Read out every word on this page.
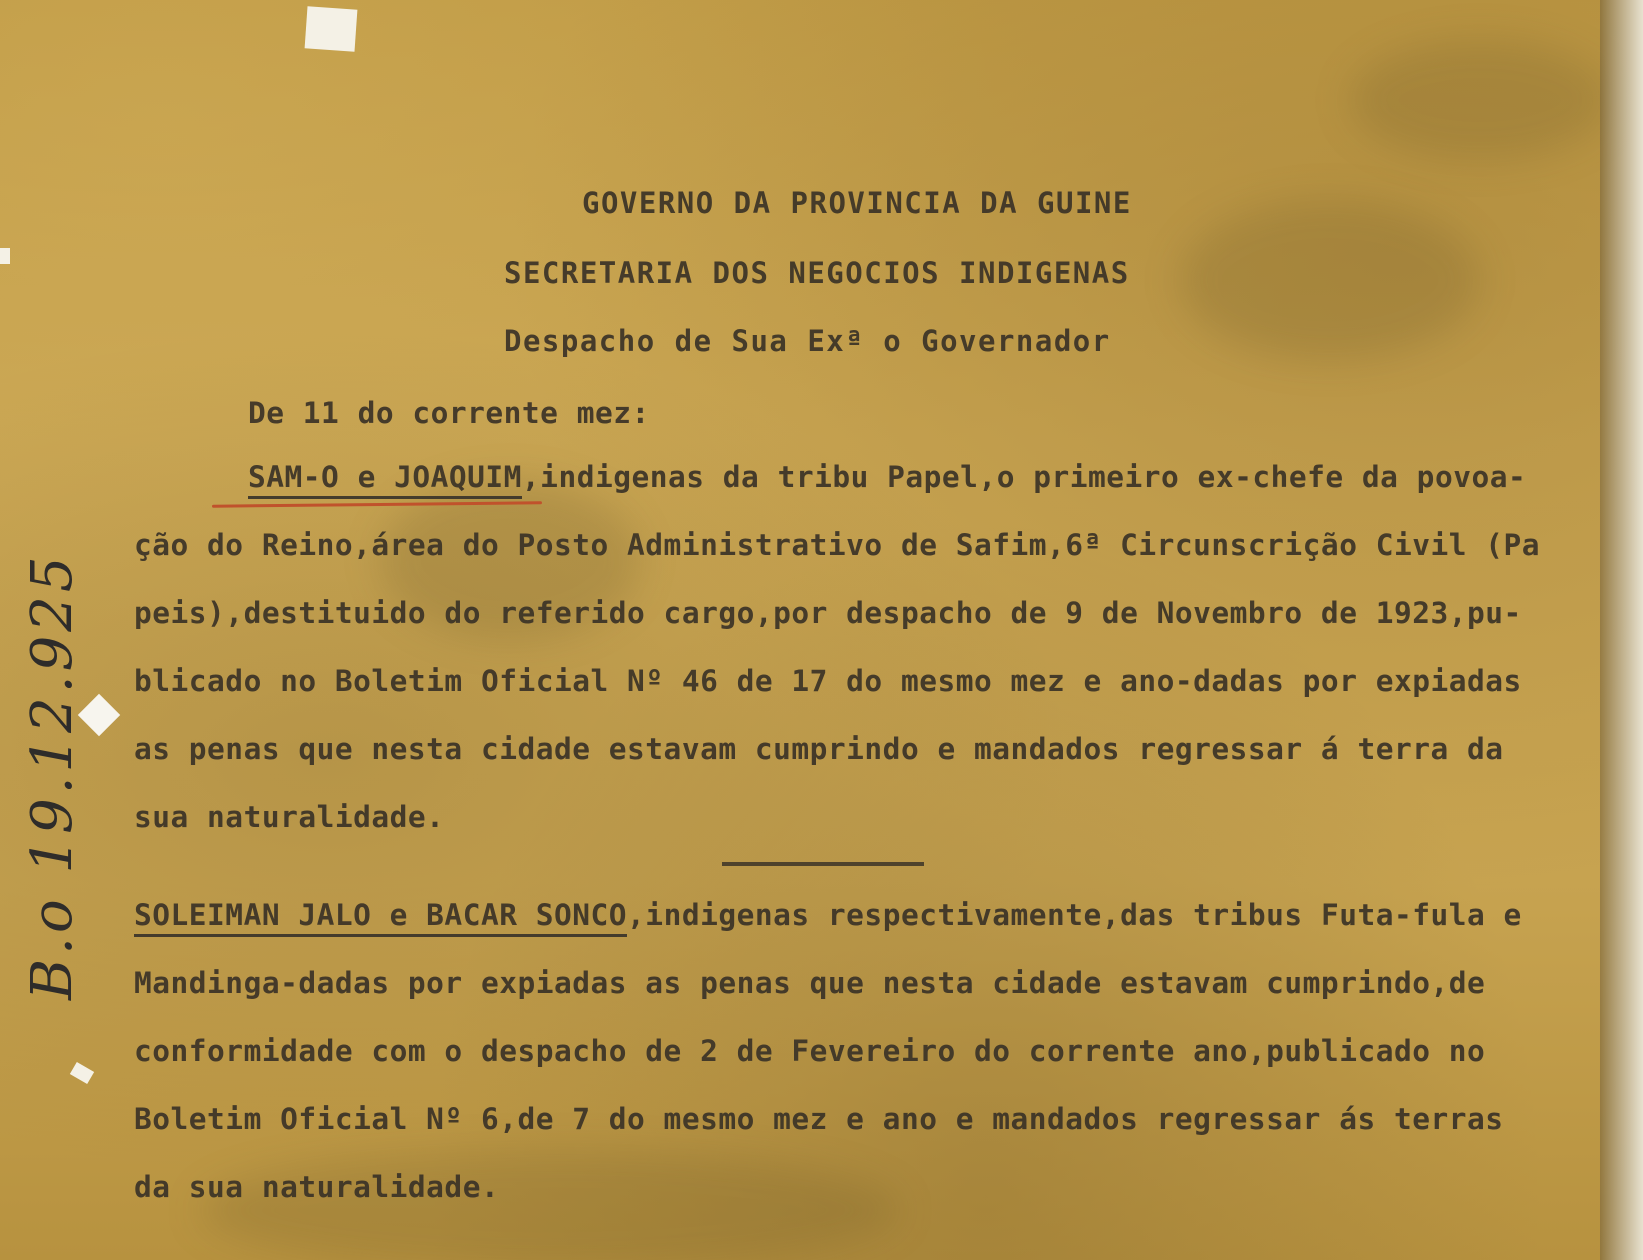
GOVERNO DA PROVINCIA DA GUINE
SECRETARIA DOS NEGOCIOS INDIGENAS
Despacho de Sua Exª o Governador
De 11 do corrente mez:
SAM-O e JOAQUIM,indigenas da tribu Papel,o primeiro ex-chefe da povoa-
ção do Reino,área do Posto Administrativo de Safim,6ª Circunscrição Civil (Pa
peis),destituido do referido cargo,por despacho de 9 de Novembro de 1923,pu-
blicado no Boletim Oficial Nº 46 de 17 do mesmo mez e ano-dadas por expiadas
as penas que nesta cidade estavam cumprindo e mandados regressar á terra da
sua naturalidade.
SOLEIMAN JALO e BACAR SONCO,indigenas respectivamente,das tribus Futa-fula e
Mandinga-dadas por expiadas as penas que nesta cidade estavam cumprindo,de
conformidade com o despacho de 2 de Fevereiro do corrente ano,publicado no
Boletim Oficial Nº 6,de 7 do mesmo mez e ano e mandados regressar ás terras
da sua naturalidade.
B.o 19.12.925
